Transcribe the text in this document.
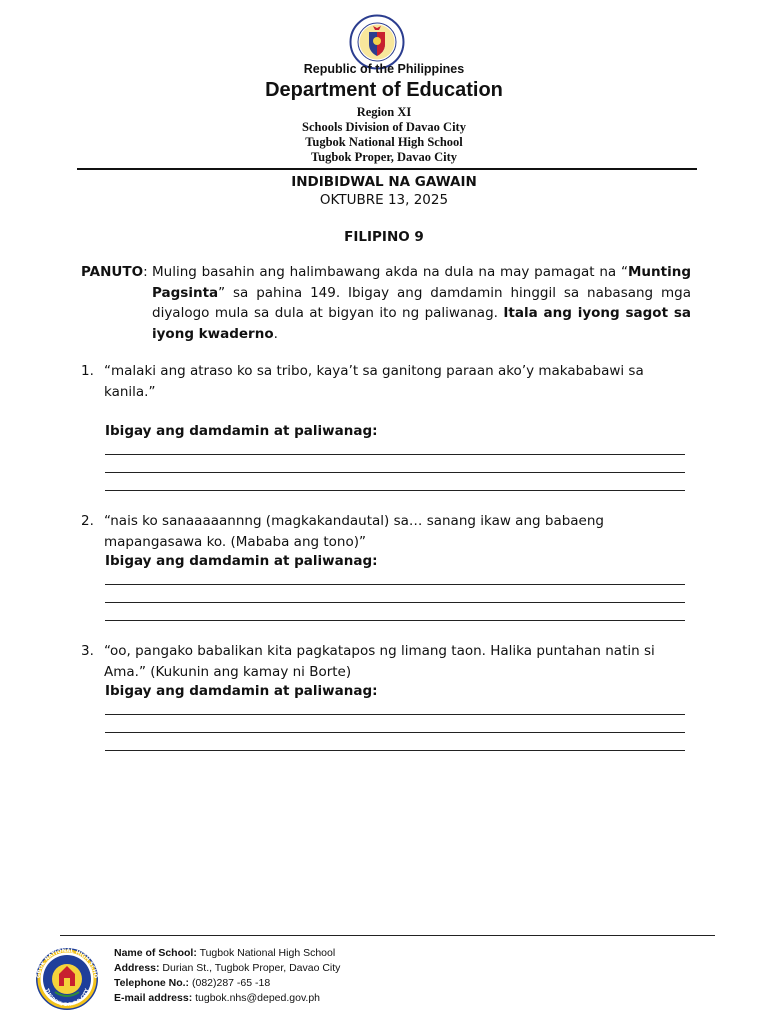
Republic of the Philippines
Department of Education
Region XI
Schools Division of Davao City
Tugbok National High School
Tugbok Proper, Davao City
INDIBIDWAL NA GAWAIN
OKTUBRE 13, 2025
FILIPINO 9
PANUTO: Muling basahin ang halimbawang akda na dula na may pamagat na “Munting Pagsinta” sa pahina 149. Ibigay ang damdamin hinggil sa nabasang mga diyalogo mula sa dula at bigyan ito ng paliwanag. Itala ang iyong sagot sa iyong kwaderno.
1. “malaki ang atraso ko sa tribo, kaya’t sa ganitong paraan ako’y makababawi sa kanila.”
Ibigay ang damdamin at paliwanag:
2. “nais ko sanaaaaannng (magkakandautal) sa… sanang ikaw ang babaeng mapangasawa ko. (Mababa ang tono)”
Ibigay ang damdamin at paliwanag:
3. “oo, pangako babalikan kita pagkatapos ng limang taon. Halika puntahan natin si Ama.” (Kukunin ang kamay ni Borte)
Ibigay ang damdamin at paliwanag:
GBOK NATIONAL HIGH SCHO
TUGBOK, DAVAO CITY
Name of School: Tugbok National High School
Address: Durian St., Tugbok Proper, Davao City
Telephone No.: (082)287 -65 -18
E-mail address: tugbok.nhs@deped.gov.ph
